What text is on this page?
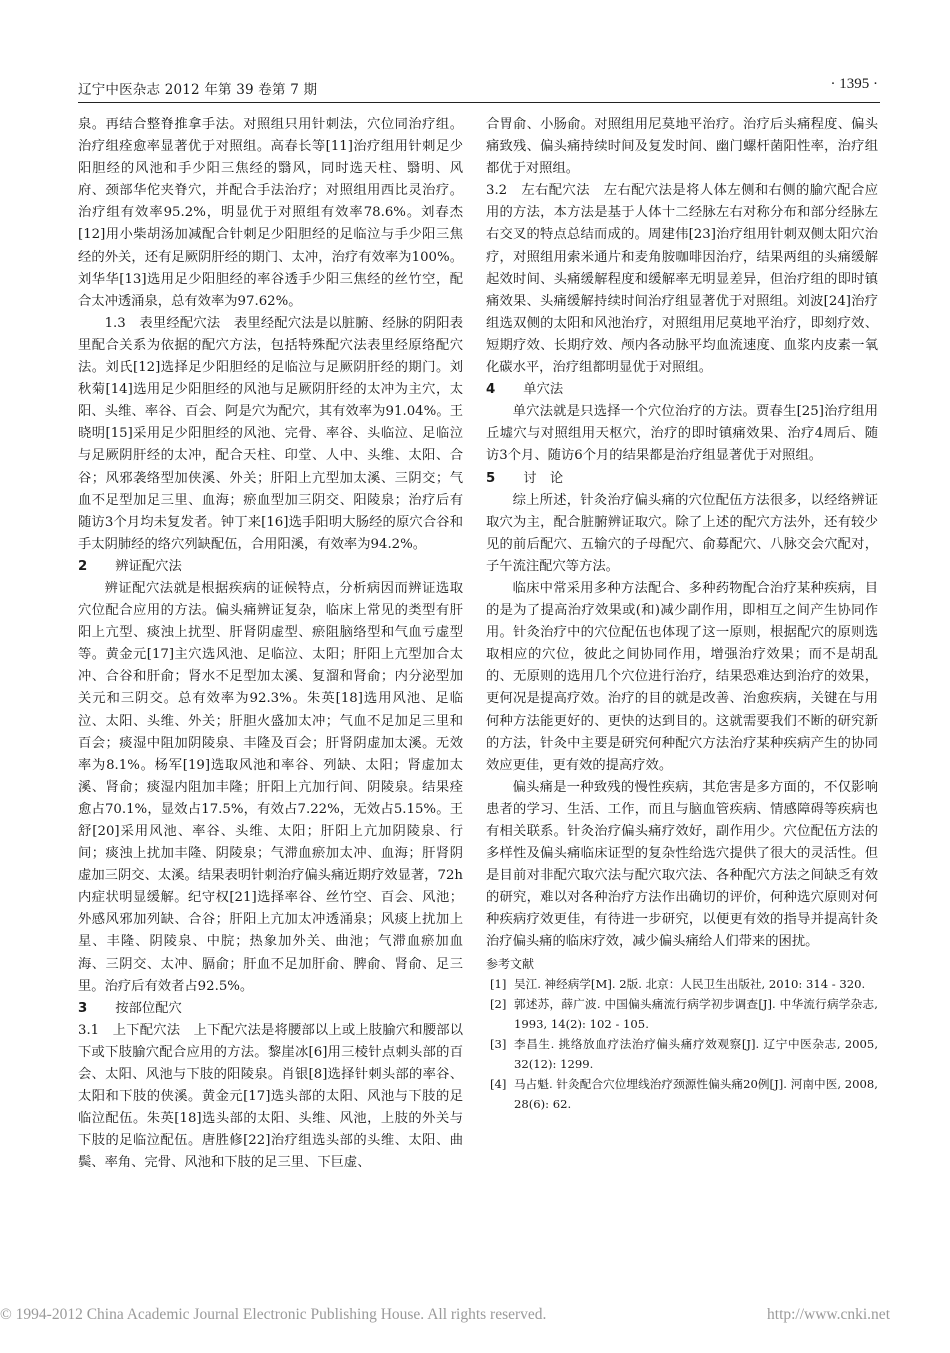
辽宁中医杂志 2012 年第 39 卷第 7 期	· 1395 ·

泉。再结合整脊推拿手法。对照组只用针刺法，穴位同治疗组。治疗组痊愈率显著优于对照组。高春长等[11]治疗组用针刺足少阳胆经的风池和手少阳三焦经的翳风，同时选天柱、翳明、风府、颈部华佗夹脊穴，并配合手法治疗；对照组用西比灵治疗。治疗组有效率95.2%，明显优于对照组有效率78.6%。刘春杰[12]用小柴胡汤加减配合针刺足少阳胆经的足临泣与手少阳三焦经的外关，还有足厥阴肝经的期门、太冲，治疗有效率为100%。刘华华[13]选用足少阳胆经的率谷透手少阳三焦经的丝竹空，配合太冲透涌泉，总有效率为97.62%。

1.3　表里经配穴法　表里经配穴法是以脏腑、经脉的阴阳表里配合关系为依据的配穴方法，包括特殊配穴法表里经原络配穴法。刘氏[12]选择足少阳胆经的足临泣与足厥阴肝经的期门。刘秋菊[14]选用足少阳胆经的风池与足厥阴肝经的太冲为主穴，太阳、头维、率谷、百会、阿是穴为配穴，其有效率为91.04%。王晓明[15]采用足少阳胆经的风池、完骨、率谷、头临泣、足临泣与足厥阴肝经的太冲，配合天柱、印堂、人中、头维、太阳、合谷；风邪袭络型加侠溪、外关；肝阳上亢型加太溪、三阴交；气血不足型加足三里、血海；瘀血型加三阴交、阳陵泉；治疗后有随访3个月均未复发者。钟丁来[16]选手阳明大肠经的原穴合谷和手太阴肺经的络穴列缺配伍，合用阳溪，有效率为94.2%。

2　 辨证配穴法

辨证配穴法就是根据疾病的证候特点，分析病因而辨证选取穴位配合应用的方法。偏头痛辨证复杂，临床上常见的类型有肝阳上亢型、痰浊上扰型、肝肾阴虚型、瘀阻脑络型和气血亏虚型等。黄金元[17]主穴选风池、足临泣、太阳；肝阳上亢型加合太冲、合谷和肝俞；肾水不足型加太溪、复溜和肾俞；内分泌型加关元和三阴交。总有效率为92.3%。朱英[18]选用风池、足临泣、太阳、头维、外关；肝胆火盛加太冲；气血不足加足三里和百会；痰湿中阻加阴陵泉、丰隆及百会；肝肾阴虚加太溪。无效率为8.1%。杨军[19]选取风池和率谷、列缺、太阳；肾虚加太溪、肾俞；痰湿内阻加丰隆；肝阳上亢加行间、阴陵泉。结果痊愈占70.1%，显效占17.5%，有效占7.22%，无效占5.15%。王舒[20]采用风池、率谷、头维、太阳；肝阳上亢加阴陵泉、行间；痰浊上扰加丰隆、阴陵泉；气滞血瘀加太冲、血海；肝肾阴虚加三阴交、太溪。结果表明针刺治疗偏头痛近期疗效显著，72h内症状明显缓解。纪守权[21]选择率谷、丝竹空、百会、风池；外感风邪加列缺、合谷；肝阳上亢加太冲透涌泉；风痰上扰加上星、丰隆、阴陵泉、中脘；热象加外关、曲池；气滞血瘀加血海、三阴交、太冲、膈俞；肝血不足加肝俞、脾俞、肾俞、足三里。治疗后有效者占92.5%。

3　 按部位配穴

3.1　上下配穴法　上下配穴法是将腰部以上或上肢腧穴和腰部以下或下肢腧穴配合应用的方法。黎崖冰[6]用三棱针点刺头部的百会、太阳、风池与下肢的阳陵泉。肖银[8]选择针刺头部的率谷、太阳和下肢的侠溪。黄金元[17]选头部的太阳、风池与下肢的足临泣配伍。朱英[18]选头部的太阳、头维、风池，上肢的外关与下肢的足临泣配伍。唐胜修[22]治疗组选头部的头维、太阳、曲鬓、率角、完骨、风池和下肢的足三里、下巨虚、

合胃俞、小肠俞。对照组用尼莫地平治疗。治疗后头痛程度、偏头痛致残、偏头痛持续时间及复发时间、幽门螺杆菌阳性率，治疗组都优于对照组。

3.2　左右配穴法　左右配穴法是将人体左侧和右侧的腧穴配合应用的方法，本方法是基于人体十二经脉左右对称分布和部分经脉左右交叉的特点总结而成的。周建伟[23]治疗组用针刺双侧太阳穴治疗，对照组用索米通片和麦角胺咖啡因治疗，结果两组的头痛缓解起效时间、头痛缓解程度和缓解率无明显差异，但治疗组的即时镇痛效果、头痛缓解持续时间治疗组显著优于对照组。刘波[24]治疗组选双侧的太阳和风池治疗，对照组用尼莫地平治疗，即刻疗效、短期疗效、长期疗效、颅内各动脉平均血流速度、血浆内皮素一氧化碳水平，治疗组都明显优于对照组。

4　 单穴法

单穴法就是只选择一个穴位治疗的方法。贾春生[25]治疗组用丘墟穴与对照组用天枢穴，治疗的即时镇痛效果、治疗4周后、随访3个月、随访6个月的结果都是治疗组显著优于对照组。

5　 讨　论

综上所述，针灸治疗偏头痛的穴位配伍方法很多，以经络辨证取穴为主，配合脏腑辨证取穴。除了上述的配穴方法外，还有较少见的前后配穴、五输穴的子母配穴、俞募配穴、八脉交会穴配对，子午流注配穴等方法。

临床中常采用多种方法配合、多种药物配合治疗某种疾病，目的是为了提高治疗效果或(和)减少副作用，即相互之间产生协同作用。针灸治疗中的穴位配伍也体现了这一原则，根据配穴的原则选取相应的穴位，彼此之间协同作用，增强治疗效果；而不是胡乱的、无原则的选用几个穴位进行治疗，结果恐难达到治疗的效果，更何况是提高疗效。治疗的目的就是改善、治愈疾病，关键在与用何种方法能更好的、更快的达到目的。这就需要我们不断的研究新的方法，针灸中主要是研究何种配穴方法治疗某种疾病产生的协同效应更佳，更有效的提高疗效。

偏头痛是一种致残的慢性疾病，其危害是多方面的，不仅影响患者的学习、生活、工作，而且与脑血管疾病、情感障碍等疾病也有相关联系。针灸治疗偏头痛疗效好，副作用少。穴位配伍方法的多样性及偏头痛临床证型的复杂性给选穴提供了很大的灵活性。但是目前对非配穴取穴法与配穴取穴法、各种配穴方法之间缺乏有效的研究，难以对各种治疗方法作出确切的评价，何种选穴原则对何种疾病疗效更佳，有待进一步研究，以便更有效的指导并提高针灸治疗偏头痛的临床疗效，减少偏头痛给人们带来的困扰。

参考文献

[1] 吴江. 神经病学[M]. 2版. 北京：人民卫生出版社, 2010: 314 - 320.

[2] 郭述苏，薛广波. 中国偏头痛流行病学初步调查[J]. 中华流行病学杂志, 1993, 14(2): 102 - 105.

[3] 李昌生. 挑络放血疗法治疗偏头痛疗效观察[J]. 辽宁中医杂志, 2005, 32(12): 1299.

[4] 马占魁. 针灸配合穴位埋线治疗颈源性偏头痛20例[J]. 河南中医, 2008, 28(6): 62.

© 1994-2012 China Academic Journal Electronic Publishing House. All rights reserved.	http://www.cnki.net
